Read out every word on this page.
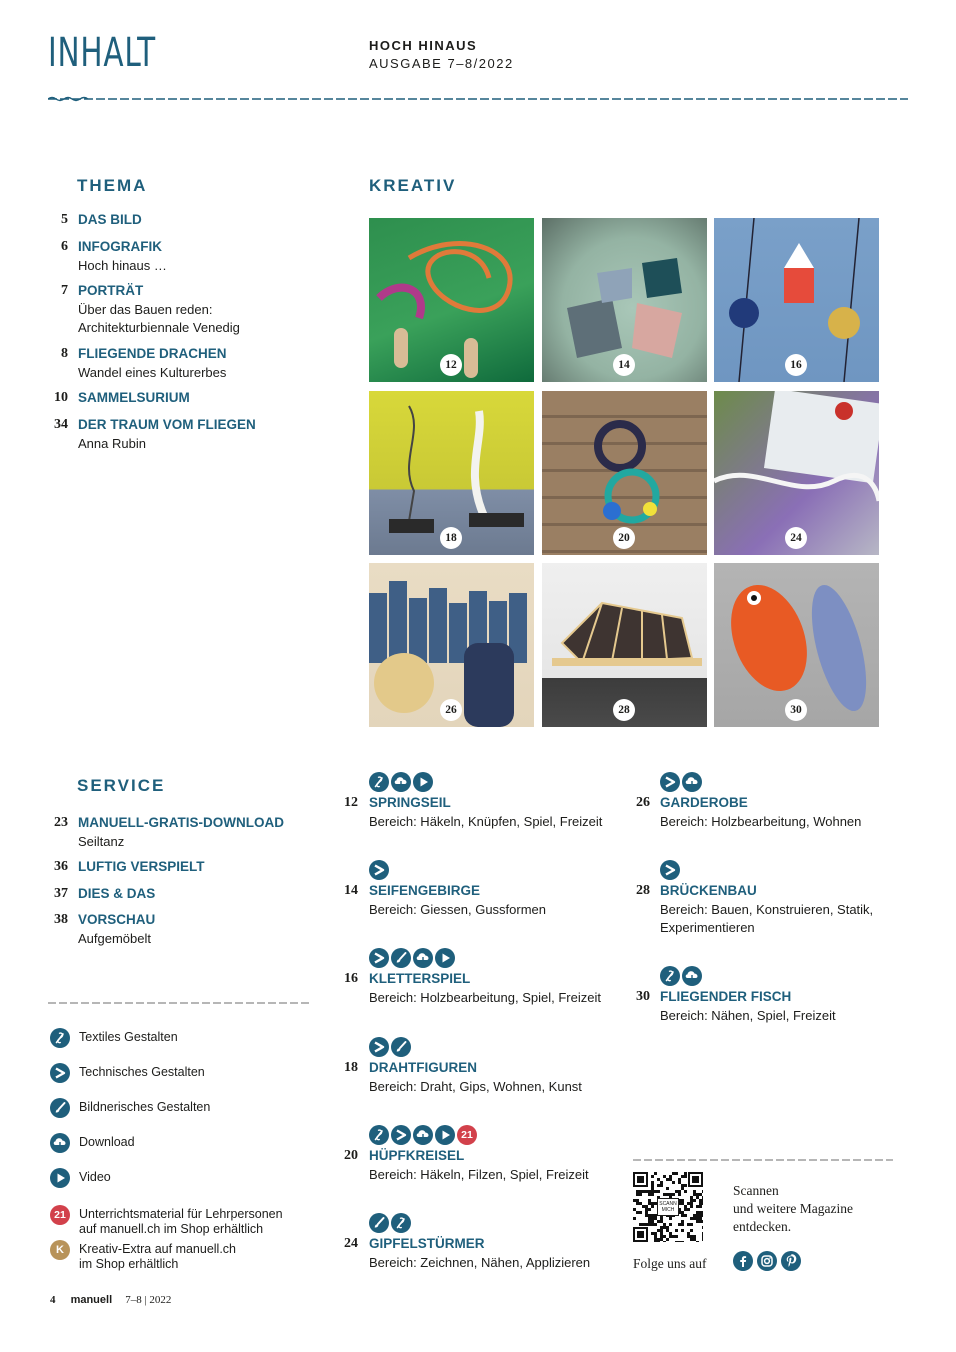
INHALT	HOCH HINAUS
AUSGABE 7–8/2022
THEMA
5 DAS BILD
6 INFOGRAFIK
Hoch hinaus …
7 PORTRÄT
Über das Bauen reden:
Architekturbiennale Venedig
8 FLIEGENDE DRACHEN
Wandel eines Kulturerbes
10 SAMMELSURIUM
34 DER TRAUM VOM FLIEGEN
Anna Rubin
KREATIV
12	14	16
18	20	24
26	28	30
SERVICE
23 MANUELL-GRATIS-DOWNLOAD
Seiltanz
36 LUFTIG VERSPIELT
37 DIES & DAS
38 VORSCHAU
Aufgemöbelt
Textiles Gestalten
Technisches Gestalten
Bildnerisches Gestalten
Download
Video
21	Unterrichtsmaterial für Lehrpersonen
auf manuell.ch im Shop erhältlich
K	Kreativ-Extra auf manuell.ch
im Shop erhältlich
12 SPRINGSEIL
Bereich: Häkeln, Knüpfen, Spiel, Freizeit
14 SEIFENGEBIRGE
Bereich: Giessen, Gussformen
16 KLETTERSPIEL
Bereich: Holzbearbeitung, Spiel, Freizeit
18 DRAHTFIGUREN
Bereich: Draht, Gips, Wohnen, Kunst
21
20 HÜPFKREISEL
Bereich: Häkeln, Filzen, Spiel, Freizeit
24 GIPFELSTÜRMER
Bereich: Zeichnen, Nähen, Applizieren
26 GARDEROBE
Bereich: Holzbearbeitung, Wohnen
28 BRÜCKENBAU
Bereich: Bauen, Konstruieren, Statik,
Experimentieren
30 FLIEGENDER FISCH
Bereich: Nähen, Spiel, Freizeit
SCANN MICH
Scannen
und weitere Magazine
entdecken.
Folge uns auf
4 manuell 7–8 | 2022
